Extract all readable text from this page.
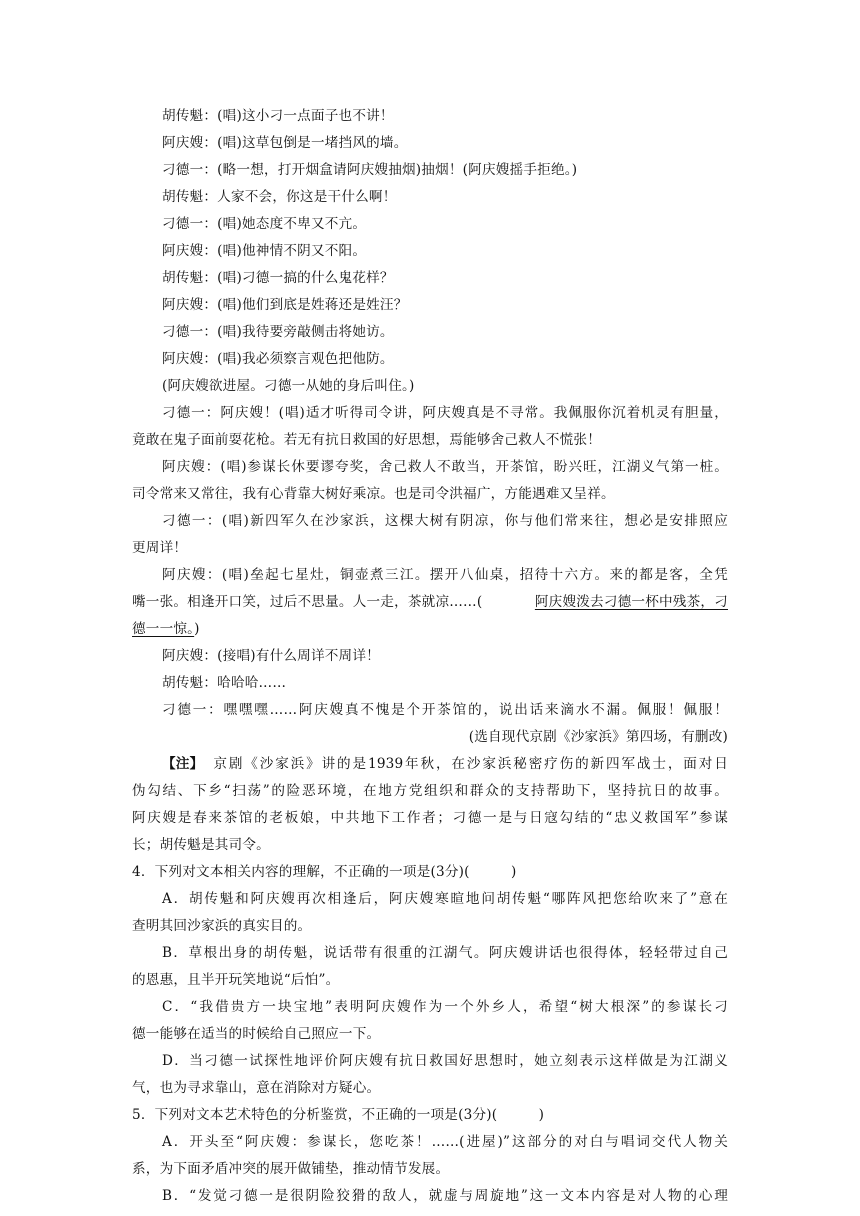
胡传魁：(唱)这小刁一点面子也不讲！
阿庆嫂：(唱)这草包倒是一堵挡风的墙。
刁德一：(略一想，打开烟盒请阿庆嫂抽烟)抽烟！(阿庆嫂摇手拒绝。)
胡传魁：人家不会，你这是干什么啊！
刁德一：(唱)她态度不卑又不亢。
阿庆嫂：(唱)他神情不阴又不阳。
胡传魁：(唱)刁德一搞的什么鬼花样？
阿庆嫂：(唱)他们到底是姓蒋还是姓汪？
刁德一：(唱)我待要旁敲侧击将她访。
阿庆嫂：(唱)我必须察言观色把他防。
(阿庆嫂欲进屋。刁德一从她的身后叫住。)
刁德一：阿庆嫂！(唱)适才听得司令讲，阿庆嫂真是不寻常。我佩服你沉着机灵有胆量，
竟敢在鬼子面前耍花枪。若无有抗日救国的好思想，焉能够舍己救人不慌张！
阿庆嫂：(唱)参谋长休要谬夸奖，舍己救人不敢当，开茶馆，盼兴旺，江湖义气第一桩。
司令常来又常往，我有心背靠大树好乘凉。也是司令洪福广，方能遇难又呈祥。
刁德一：(唱)新四军久在沙家浜，这棵大树有阴凉，你与他们常来往，想必是安排照应
更周详！
阿庆嫂：(唱)垒起七星灶，铜壶煮三江。摆开八仙桌，招待十六方。来的都是客，全凭
嘴一张。相逢开口笑，过后不思量。人一走，茶就凉……(	阿庆嫂泼去刁德一杯中残茶，刁
德一一惊。)
阿庆嫂：(接唱)有什么周详不周详！
胡传魁：哈哈哈……
刁德一：嘿嘿嘿……阿庆嫂真不愧是个开茶馆的，说出话来滴水不漏。佩服！佩服！
(选自现代京剧《沙家浜》第四场，有删改)
【注】 京剧《沙家浜》讲的是1939年秋，在沙家浜秘密疗伤的新四军战士，面对日
伪勾结、下乡“扫荡”的险恶环境，在地方党组织和群众的支持帮助下，坚持抗日的故事。
阿庆嫂是春来茶馆的老板娘，中共地下工作者；刁德一是与日寇勾结的“忠义救国军”参谋
长；胡传魁是其司令。
4．下列对文本相关内容的理解，不正确的一项是(3分)(　　　)
A．胡传魁和阿庆嫂再次相逢后，阿庆嫂寒暄地问胡传魁“哪阵风把您给吹来了”意在
查明其回沙家浜的真实目的。
B．草根出身的胡传魁，说话带有很重的江湖气。阿庆嫂讲话也很得体，轻轻带过自己
的恩惠，且半开玩笑地说“后怕”。
C．“我借贵方一块宝地”表明阿庆嫂作为一个外乡人，希望“树大根深”的参谋长刁
德一能够在适当的时候给自己照应一下。
D．当刁德一试探性地评价阿庆嫂有抗日救国好思想时，她立刻表示这样做是为江湖义
气，也为寻求靠山，意在消除对方疑心。
5．下列对文本艺术特色的分析鉴赏，不正确的一项是(3分)(　　　)
A．开头至“阿庆嫂：参谋长，您吃茶！……(进屋)”这部分的对白与唱词交代人物关
系，为下面矛盾冲突的展开做铺垫，推动情节发展。
B．“发觉刁德一是很阴险狡猾的敌人，就虚与周旋地”这一文本内容是对人物的心理
